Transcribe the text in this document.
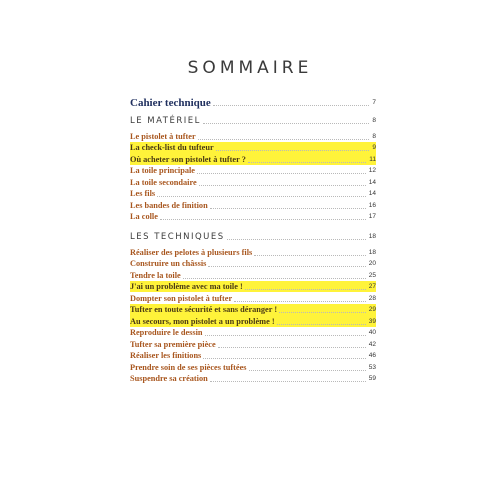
SOMMAIRE
Cahier technique	7
LE MATÉRIEL	8
Le pistolet à tufter	8
La check-list du tufteur	9
Où acheter son pistolet à tufter ?	11
La toile principale	12
La toile secondaire	14
Les fils	14
Les bandes de finition	16
La colle	17
LES TECHNIQUES	18
Réaliser des pelotes à plusieurs fils	18
Construire un châssis	20
Tendre la toile	25
J'ai un problème avec ma toile !	27
Dompter son pistolet à tufter	28
Tufter en toute sécurité et sans déranger !	29
Au secours, mon pistolet a un problème !	39
Reproduire le dessin	40
Tufter sa première pièce	42
Réaliser les finitions	46
Prendre soin de ses pièces tuftées	53
Suspendre sa création	59
